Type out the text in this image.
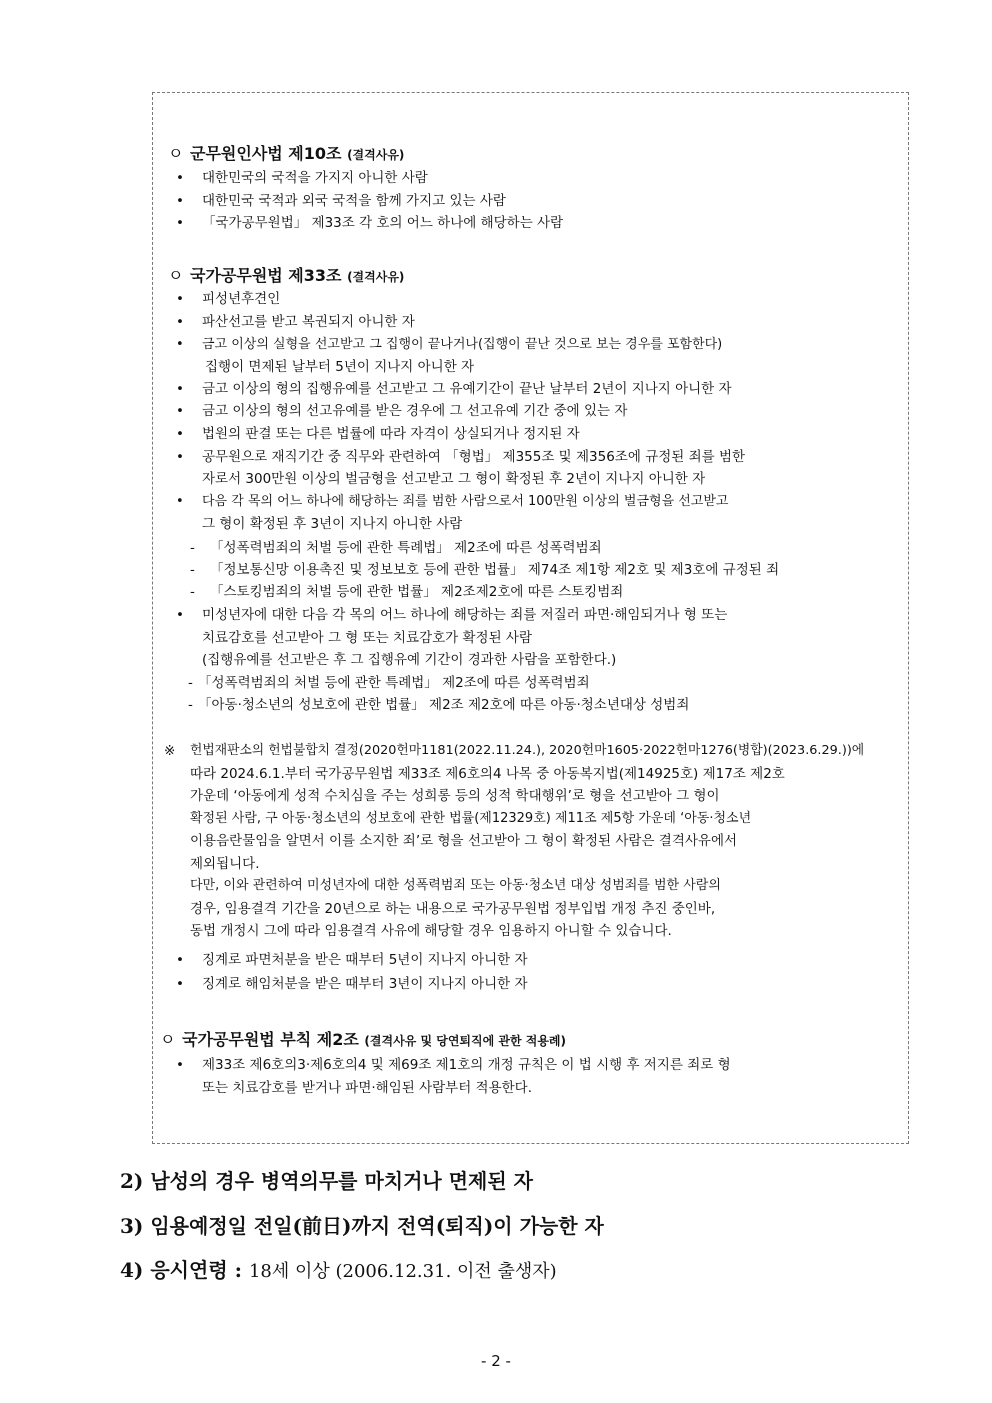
ㅇ 군무원인사법 제10조 (결격사유)
• 대한민국의 국적을 가지지 아니한 사람
• 대한민국 국적과 외국 국적을 함께 가지고 있는 사람
• 「국가공무원법」 제33조 각 호의 어느 하나에 해당하는 사람
ㅇ 국가공무원법 제33조 (결격사유)
• 피성년후견인
• 파산선고를 받고 복권되지 아니한 자
• 금고 이상의 실형을 선고받고 그 집행이 끝나거나(집행이 끝난 것으로 보는 경우를 포함한다)
집행이 면제된 날부터 5년이 지나지 아니한 자
• 금고 이상의 형의 집행유예를 선고받고 그 유예기간이 끝난 날부터 2년이 지나지 아니한 자
• 금고 이상의 형의 선고유예를 받은 경우에 그 선고유예 기간 중에 있는 자
• 법원의 판결 또는 다른 법률에 따라 자격이 상실되거나 정지된 자
• 공무원으로 재직기간 중 직무와 관련하여 「형법」 제355조 및 제356조에 규정된 죄를 범한
자로서 300만원 이상의 벌금형을 선고받고 그 형이 확정된 후 2년이 지나지 아니한 자
• 다음 각 목의 어느 하나에 해당하는 죄를 범한 사람으로서 100만원 이상의 벌금형을 선고받고
그 형이 확정된 후 3년이 지나지 아니한 사람
- 「성폭력범죄의 처벌 등에 관한 특례법」 제2조에 따른 성폭력범죄
- 「정보통신망 이용촉진 및 정보보호 등에 관한 법률」 제74조 제1항 제2호 및 제3호에 규정된 죄
- 「스토킹범죄의 처벌 등에 관한 법률」 제2조제2호에 따른 스토킹범죄
• 미성년자에 대한 다음 각 목의 어느 하나에 해당하는 죄를 저질러 파면·해임되거나 형 또는
치료감호를 선고받아 그 형 또는 치료감호가 확정된 사람
(집행유예를 선고받은 후 그 집행유예 기간이 경과한 사람을 포함한다.)
- 「성폭력범죄의 처벌 등에 관한 특례법」 제2조에 따른 성폭력범죄
- 「아동·청소년의 성보호에 관한 법률」 제2조 제2호에 따른 아동·청소년대상 성범죄
※ 헌법재판소의 헌법불합치 결정(2020헌마1181(2022.11.24.), 2020헌마1605·2022헌마1276(병합)(2023.6.29.))에

따라 2024.6.1.부터 국가공무원법 제33조 제6호의4 나목 중 아동복지법(제14925호) 제17조 제2호

가운데 ‘아동에게 성적 수치심을 주는 성희롱 등의 성적 학대행위’로 형을 선고받아 그 형이

확정된 사람, 구 아동·청소년의 성보호에 관한 법률(제12329호) 제11조 제5항 가운데 ‘아동·청소년

이용음란물임을 알면서 이를 소지한 죄’로 형을 선고받아 그 형이 확정된 사람은 결격사유에서

제외됩니다.

다만, 이와 관련하여 미성년자에 대한 성폭력범죄 또는 아동·청소년 대상 성범죄를 범한 사람의

경우, 임용결격 기간을 20년으로 하는 내용으로 국가공무원법 정부입법 개정 추진 중인바,

동법 개정시 그에 따라 임용결격 사유에 해당할 경우 임용하지 아니할 수 있습니다.

• 징계로 파면처분을 받은 때부터 5년이 지나지 아니한 자
• 징계로 해임처분을 받은 때부터 3년이 지나지 아니한 자
ㅇ 국가공무원법 부칙 제2조 (결격사유 및 당연퇴직에 관한 적용례)
• 제33조 제6호의3·제6호의4 및 제69조 제1호의 개정 규칙은 이 법 시행 후 저지른 죄로 형
또는 치료감호를 받거나 파면·해임된 사람부터 적용한다.
2) 남성의 경우 병역의무를 마치거나 면제된 자
3) 임용예정일 전일(前日)까지 전역(퇴직)이 가능한 자
4) 응시연령 : 18세 이상 (2006.12.31. 이전 출생자)
- 2 -
